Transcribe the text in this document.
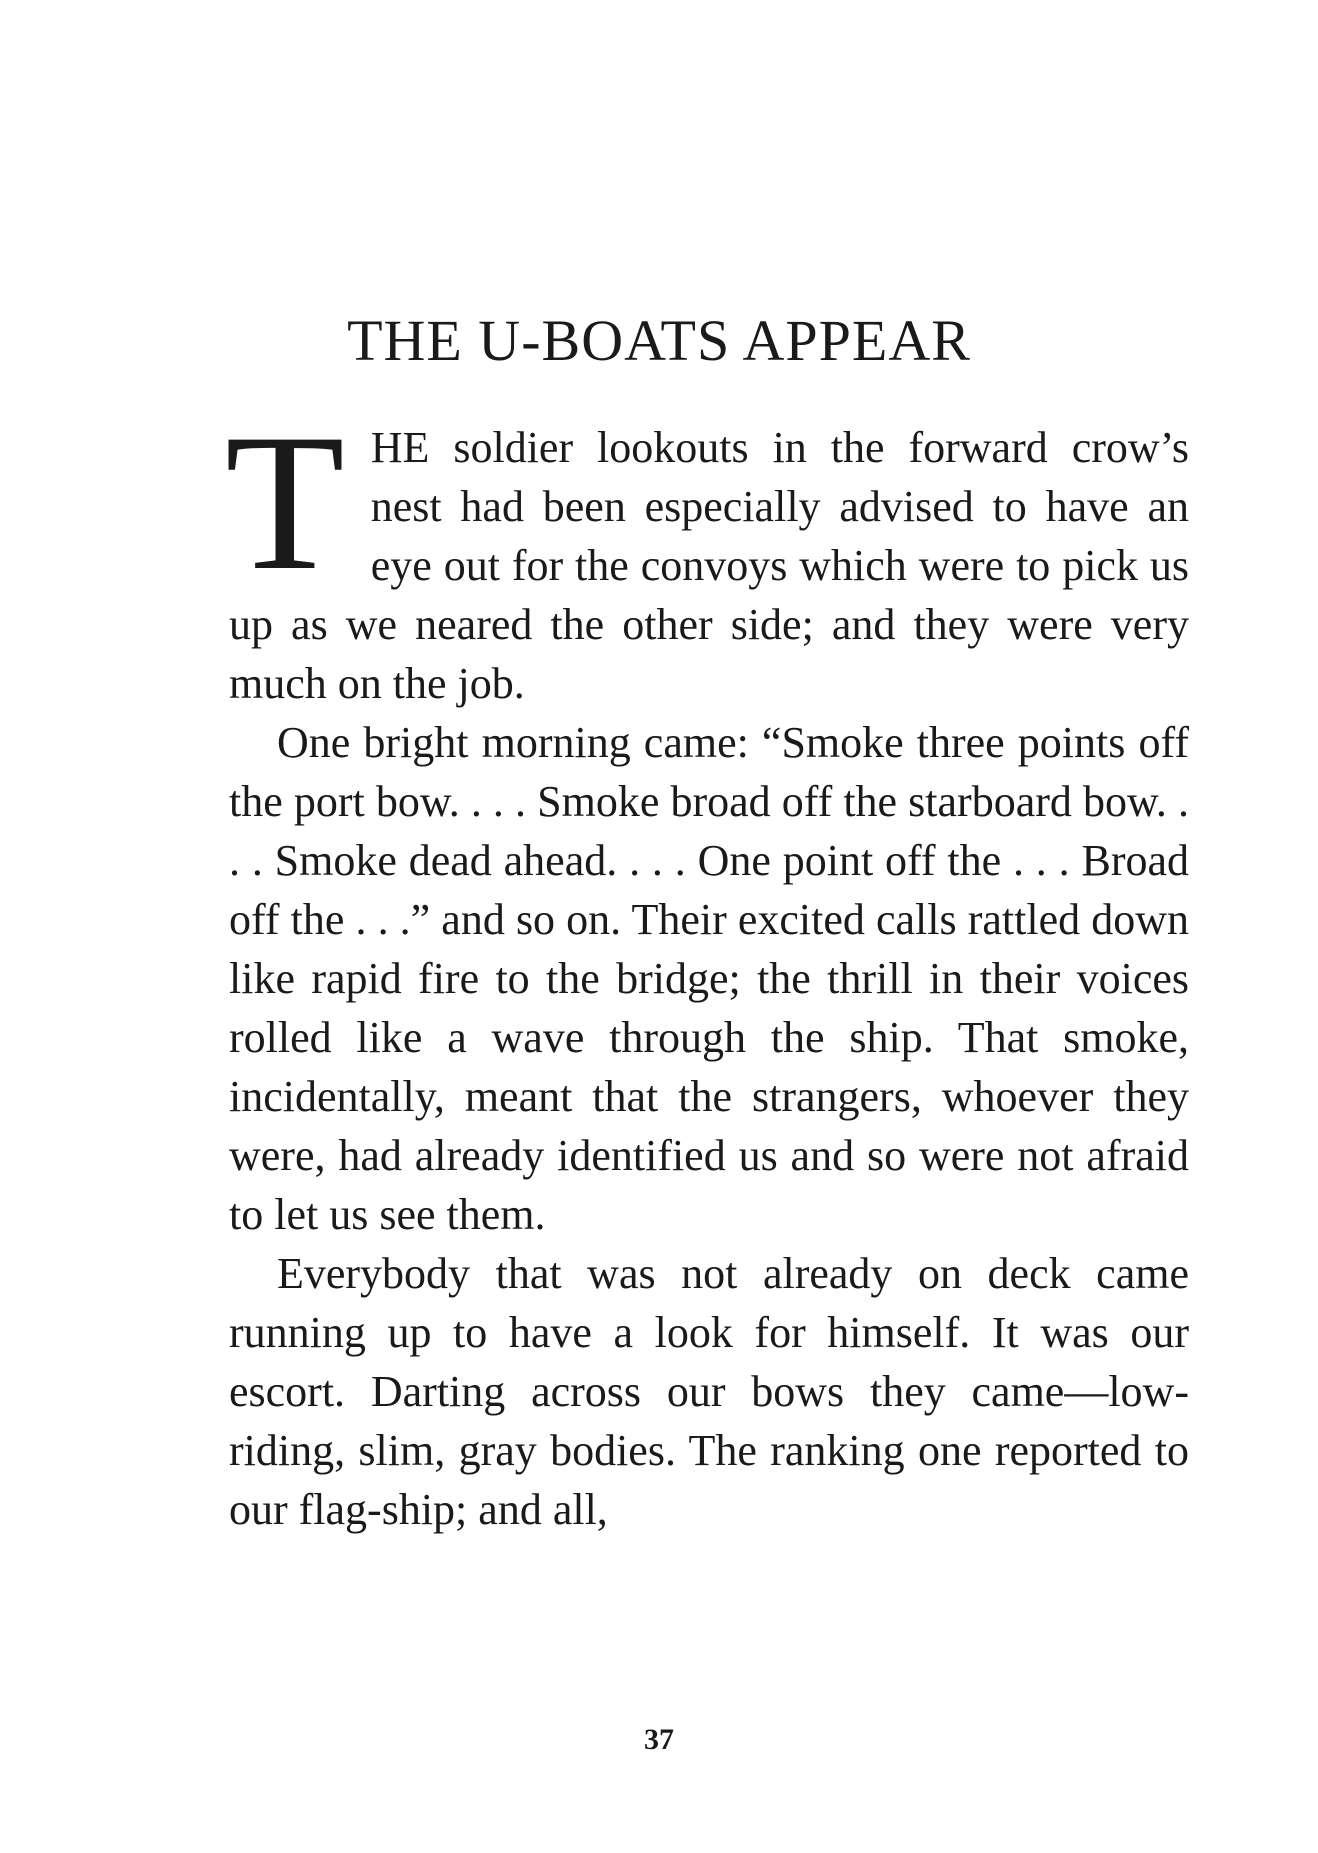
THE U-BOATS APPEAR

THE soldier lookouts in the forward crow’s nest had been especially advised to have an eye out for the convoys which were to pick us up as we neared the other side; and they were very much on the job.

One bright morning came: “Smoke three points off the port bow. . . . Smoke broad off the starboard bow. . . . Smoke dead ahead. . . . One point off the . . . Broad off the . . .” and so on. Their excited calls rattled down like rapid fire to the bridge; the thrill in their voices rolled like a wave through the ship. That smoke, incidentally, meant that the strangers, whoever they were, had already identified us and so were not afraid to let us see them.

Everybody that was not already on deck came running up to have a look for himself. It was our escort. Darting across our bows they came—low-riding, slim, gray bodies. The ranking one reported to our flag-ship; and all,

37
